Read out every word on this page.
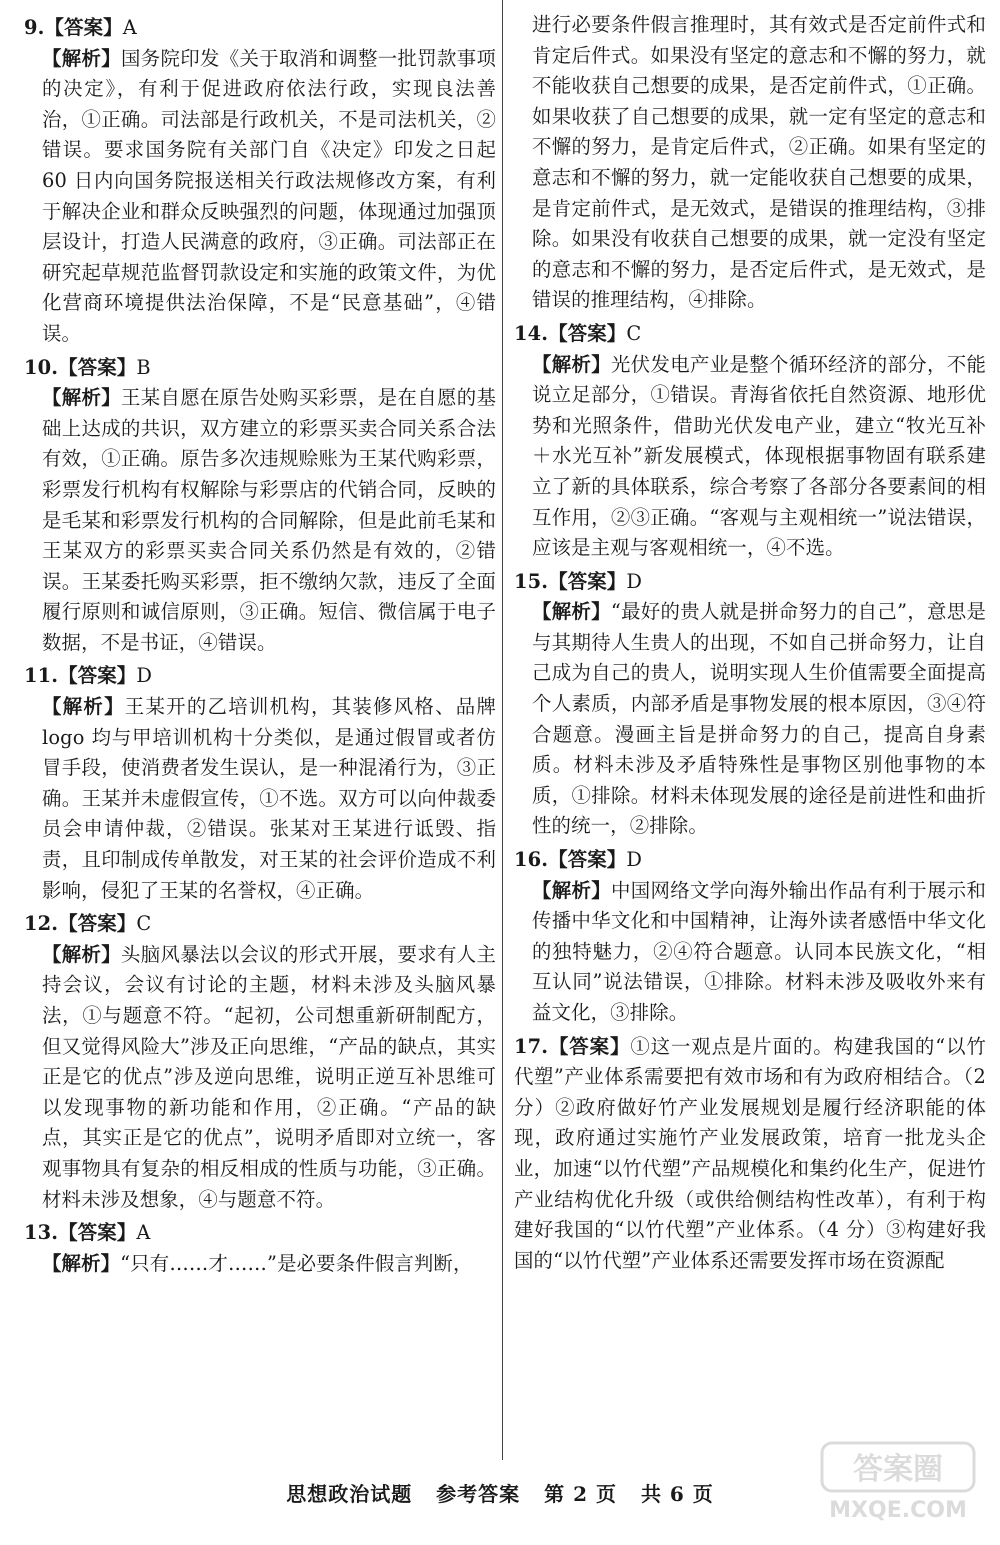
9.【答案】A

【解析】国务院印发《关于取消和调整一批罚款事项的决定》，有利于促进政府依法行政，实现良法善治，①正确。司法部是行政机关，不是司法机关，②错误。要求国务院有关部门自《决定》印发之日起 60 日内向国务院报送相关行政法规修改方案，有利于解决企业和群众反映强烈的问题，体现通过加强顶层设计，打造人民满意的政府，③正确。司法部正在研究起草规范监督罚款设定和实施的政策文件，为优化营商环境提供法治保障，不是“民意基础”，④错误。

10.【答案】B

【解析】王某自愿在原告处购买彩票，是在自愿的基础上达成的共识，双方建立的彩票买卖合同关系合法有效，①正确。原告多次违规赊账为王某代购彩票，彩票发行机构有权解除与彩票店的代销合同，反映的是毛某和彩票发行机构的合同解除，但是此前毛某和王某双方的彩票买卖合同关系仍然是有效的，②错误。王某委托购买彩票，拒不缴纳欠款，违反了全面履行原则和诚信原则，③正确。短信、微信属于电子数据，不是书证，④错误。

11.【答案】D

【解析】王某开的乙培训机构，其装修风格、品牌 logo 均与甲培训机构十分类似，是通过假冒或者仿冒手段，使消费者发生误认，是一种混淆行为，③正确。王某并未虚假宣传，①不选。双方可以向仲裁委员会申请仲裁，②错误。张某对王某进行诋毁、指责，且印制成传单散发，对王某的社会评价造成不利影响，侵犯了王某的名誉权，④正确。

12.【答案】C

【解析】头脑风暴法以会议的形式开展，要求有人主持会议，会议有讨论的主题，材料未涉及头脑风暴法，①与题意不符。“起初，公司想重新研制配方，但又觉得风险大”涉及正向思维，“产品的缺点，其实正是它的优点”涉及逆向思维，说明正逆互补思维可以发现事物的新功能和作用，②正确。“产品的缺点，其实正是它的优点”，说明矛盾即对立统一，客观事物具有复杂的相反相成的性质与功能，③正确。材料未涉及想象，④与题意不符。

13.【答案】A

【解析】“只有……才……”是必要条件假言判断，

进行必要条件假言推理时，其有效式是否定前件式和肯定后件式。如果没有坚定的意志和不懈的努力，就不能收获自己想要的成果，是否定前件式，①正确。如果收获了自己想要的成果，就一定有坚定的意志和不懈的努力，是肯定后件式，②正确。如果有坚定的意志和不懈的努力，就一定能收获自己想要的成果，是肯定前件式，是无效式，是错误的推理结构，③排除。如果没有收获自己想要的成果，就一定没有坚定的意志和不懈的努力，是否定后件式，是无效式，是错误的推理结构，④排除。

14.【答案】C

【解析】光伏发电产业是整个循环经济的部分，不能说立足部分，①错误。青海省依托自然资源、地形优势和光照条件，借助光伏发电产业，建立“牧光互补＋水光互补”新发展模式，体现根据事物固有联系建立了新的具体联系，综合考察了各部分各要素间的相互作用，②③正确。“客观与主观相统一”说法错误，应该是主观与客观相统一，④不选。

15.【答案】D

【解析】“最好的贵人就是拼命努力的自己”，意思是与其期待人生贵人的出现，不如自己拼命努力，让自己成为自己的贵人，说明实现人生价值需要全面提高个人素质，内部矛盾是事物发展的根本原因，③④符合题意。漫画主旨是拼命努力的自己，提高自身素质。材料未涉及矛盾特殊性是事物区别他事物的本质，①排除。材料未体现发展的途径是前进性和曲折性的统一，②排除。

16.【答案】D

【解析】中国网络文学向海外输出作品有利于展示和传播中华文化和中国精神，让海外读者感悟中华文化的独特魅力，②④符合题意。认同本民族文化，“相互认同”说法错误，①排除。材料未涉及吸收外来有益文化，③排除。

17.【答案】①这一观点是片面的。构建我国的“以竹代塑”产业体系需要把有效市场和有为政府相结合。（2 分）②政府做好竹产业发展规划是履行经济职能的体现，政府通过实施竹产业发展政策，培育一批龙头企业，加速“以竹代塑”产品规模化和集约化生产，促进竹产业结构优化升级（或供给侧结构性改革），有利于构建好我国的“以竹代塑”产业体系。（4 分）③构建好我国的“以竹代塑”产业体系还需要发挥市场在资源配

思想政治试题 参考答案 第 2 页 共 6 页
答案圈
MXQE.COM
